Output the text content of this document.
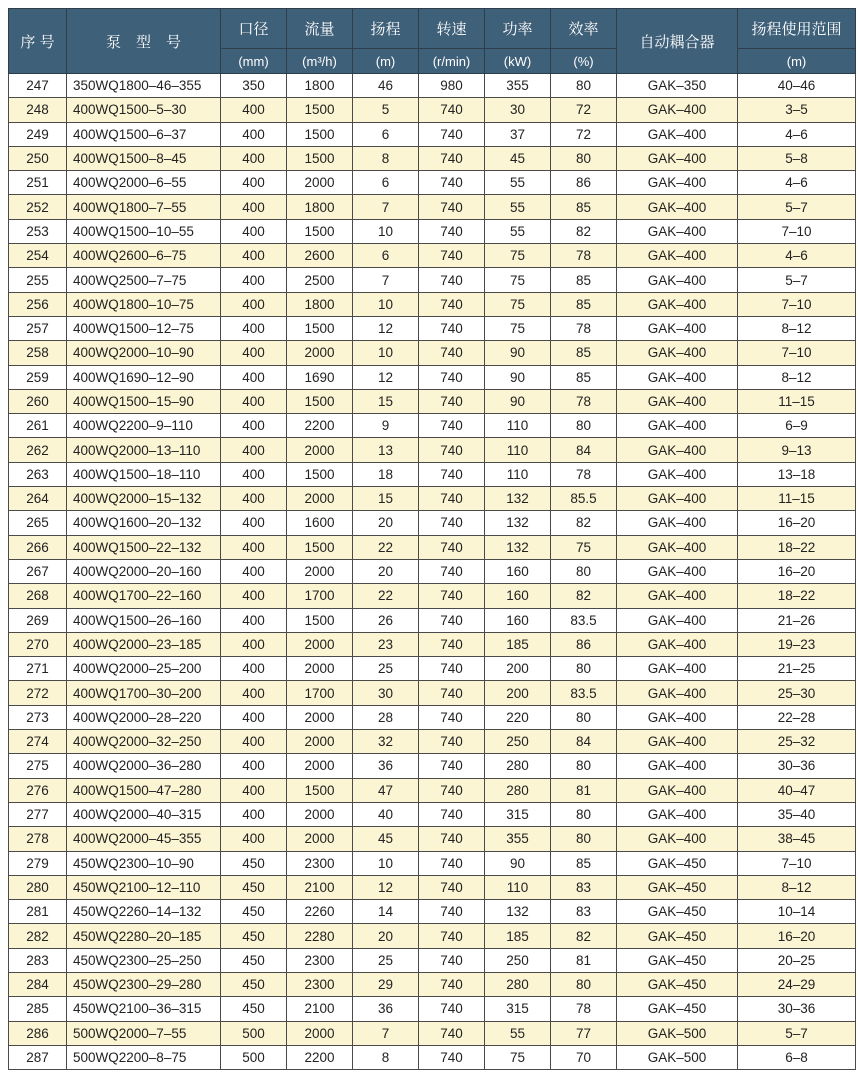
序 号	泵　型　号	口径	流量	扬程	转速	功率	效率	自动耦合器	扬程使用范围
		(mm)	(m³/h)	(m)	(r/min)	(kW)	(%)		(m)
247	350WQ1800–46–355	350	1800	46	980	355	80	GAK–350	40–46
248	400WQ1500–5–30	400	1500	5	740	30	72	GAK–400	3–5
249	400WQ1500–6–37	400	1500	6	740	37	72	GAK–400	4–6
250	400WQ1500–8–45	400	1500	8	740	45	80	GAK–400	5–8
251	400WQ2000–6–55	400	2000	6	740	55	86	GAK–400	4–6
252	400WQ1800–7–55	400	1800	7	740	55	85	GAK–400	5–7
253	400WQ1500–10–55	400	1500	10	740	55	82	GAK–400	7–10
254	400WQ2600–6–75	400	2600	6	740	75	78	GAK–400	4–6
255	400WQ2500–7–75	400	2500	7	740	75	85	GAK–400	5–7
256	400WQ1800–10–75	400	1800	10	740	75	85	GAK–400	7–10
257	400WQ1500–12–75	400	1500	12	740	75	78	GAK–400	8–12
258	400WQ2000–10–90	400	2000	10	740	90	85	GAK–400	7–10
259	400WQ1690–12–90	400	1690	12	740	90	85	GAK–400	8–12
260	400WQ1500–15–90	400	1500	15	740	90	78	GAK–400	11–15
261	400WQ2200–9–110	400	2200	9	740	110	80	GAK–400	6–9
262	400WQ2000–13–110	400	2000	13	740	110	84	GAK–400	9–13
263	400WQ1500–18–110	400	1500	18	740	110	78	GAK–400	13–18
264	400WQ2000–15–132	400	2000	15	740	132	85.5	GAK–400	11–15
265	400WQ1600–20–132	400	1600	20	740	132	82	GAK–400	16–20
266	400WQ1500–22–132	400	1500	22	740	132	75	GAK–400	18–22
267	400WQ2000–20–160	400	2000	20	740	160	80	GAK–400	16–20
268	400WQ1700–22–160	400	1700	22	740	160	82	GAK–400	18–22
269	400WQ1500–26–160	400	1500	26	740	160	83.5	GAK–400	21–26
270	400WQ2000–23–185	400	2000	23	740	185	86	GAK–400	19–23
271	400WQ2000–25–200	400	2000	25	740	200	80	GAK–400	21–25
272	400WQ1700–30–200	400	1700	30	740	200	83.5	GAK–400	25–30
273	400WQ2000–28–220	400	2000	28	740	220	80	GAK–400	22–28
274	400WQ2000–32–250	400	2000	32	740	250	84	GAK–400	25–32
275	400WQ2000–36–280	400	2000	36	740	280	80	GAK–400	30–36
276	400WQ1500–47–280	400	1500	47	740	280	81	GAK–400	40–47
277	400WQ2000–40–315	400	2000	40	740	315	80	GAK–400	35–40
278	400WQ2000–45–355	400	2000	45	740	355	80	GAK–400	38–45
279	450WQ2300–10–90	450	2300	10	740	90	85	GAK–450	7–10
280	450WQ2100–12–110	450	2100	12	740	110	83	GAK–450	8–12
281	450WQ2260–14–132	450	2260	14	740	132	83	GAK–450	10–14
282	450WQ2280–20–185	450	2280	20	740	185	82	GAK–450	16–20
283	450WQ2300–25–250	450	2300	25	740	250	81	GAK–450	20–25
284	450WQ2300–29–280	450	2300	29	740	280	80	GAK–450	24–29
285	450WQ2100–36–315	450	2100	36	740	315	78	GAK–450	30–36
286	500WQ2000–7–55	500	2000	7	740	55	77	GAK–500	5–7
287	500WQ2200–8–75	500	2200	8	740	75	70	GAK–500	6–8
